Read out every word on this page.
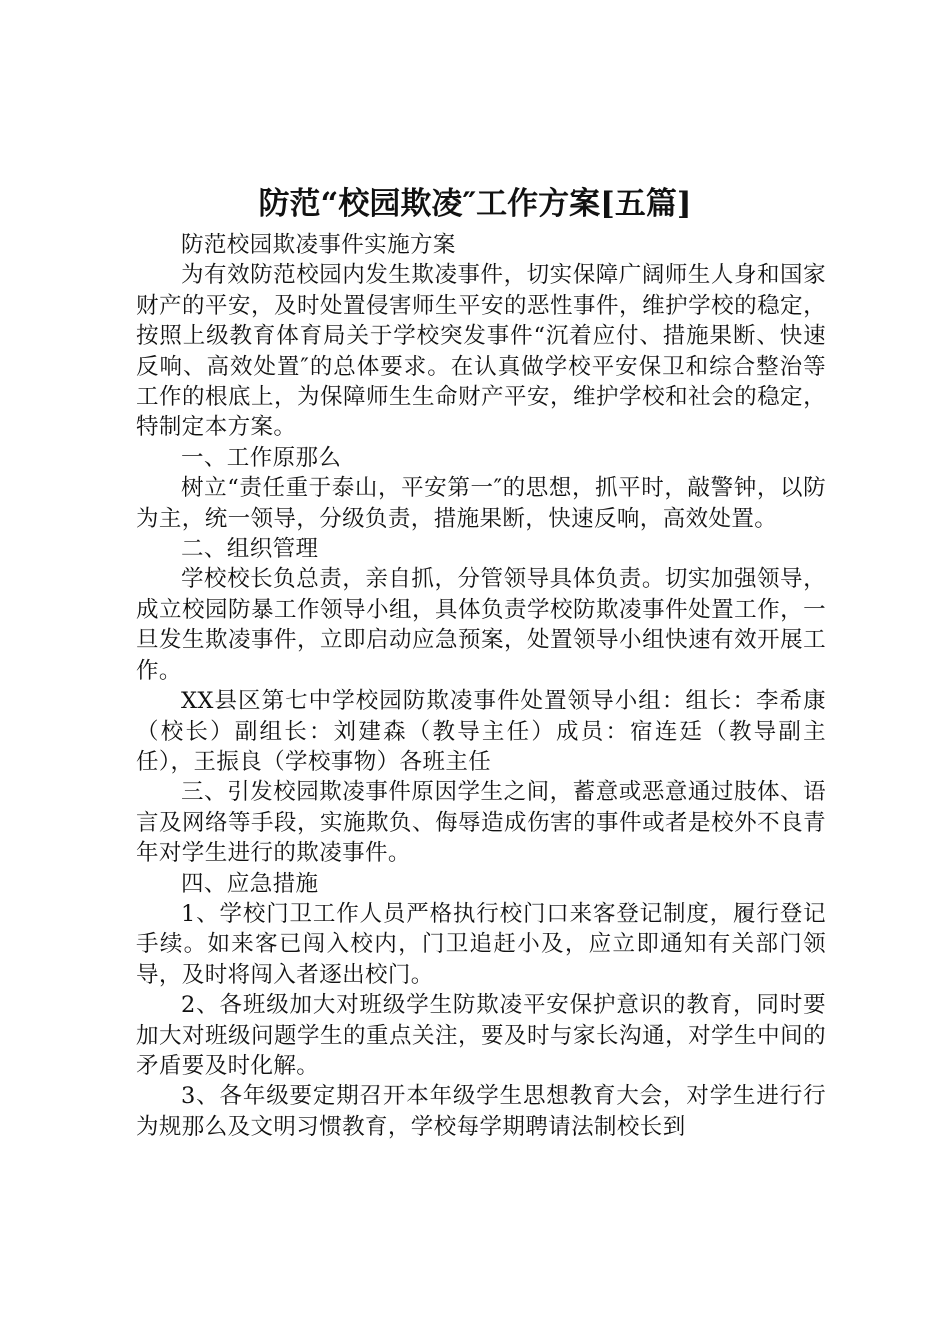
防范“校园欺凌″工作方案[五篇]

防范校园欺凌事件实施方案

为有效防范校园内发生欺凌事件，切实保障广阔师生人身和国家财产的平安，及时处置侵害师生平安的恶性事件，维护学校的稳定，按照上级教育体育局关于学校突发事件“沉着应付、措施果断、快速反响、高效处置″的总体要求。在认真做学校平安保卫和综合整治等工作的根底上，为保障师生生命财产平安，维护学校和社会的稳定，特制定本方案。

一、工作原那么

树立“责任重于泰山，平安第一″的思想，抓平时，敲警钟，以防为主，统一领导，分级负责，措施果断，快速反响，高效处置。

二、组织管理

学校校长负总责，亲自抓，分管领导具体负责。切实加强领导，成立校园防暴工作领导小组，具体负责学校防欺凌事件处置工作，一旦发生欺凌事件，立即启动应急预案，处置领导小组快速有效开展工作。

XX县区第七中学校园防欺凌事件处置领导小组：组长：李希康（校长）副组长：刘建森（教导主任）成员：宿连廷（教导副主任），王振良（学校事物）各班主任

三、引发校园欺凌事件原因学生之间，蓄意或恶意通过肢体、语言及网络等手段，实施欺负、侮辱造成伤害的事件或者是校外不良青年对学生进行的欺凌事件。

四、应急措施

1、学校门卫工作人员严格执行校门口来客登记制度，履行登记手续。如来客已闯入校内，门卫追赶小及，应立即通知有关部门领导，及时将闯入者逐出校门。

2、各班级加大对班级学生防欺凌平安保护意识的教育，同时要加大对班级问题学生的重点关注，要及时与家长沟通，对学生中间的矛盾要及时化解。

3、各年级要定期召开本年级学生思想教育大会，对学生进行行为规那么及文明习惯教育，学校每学期聘请法制校长到
